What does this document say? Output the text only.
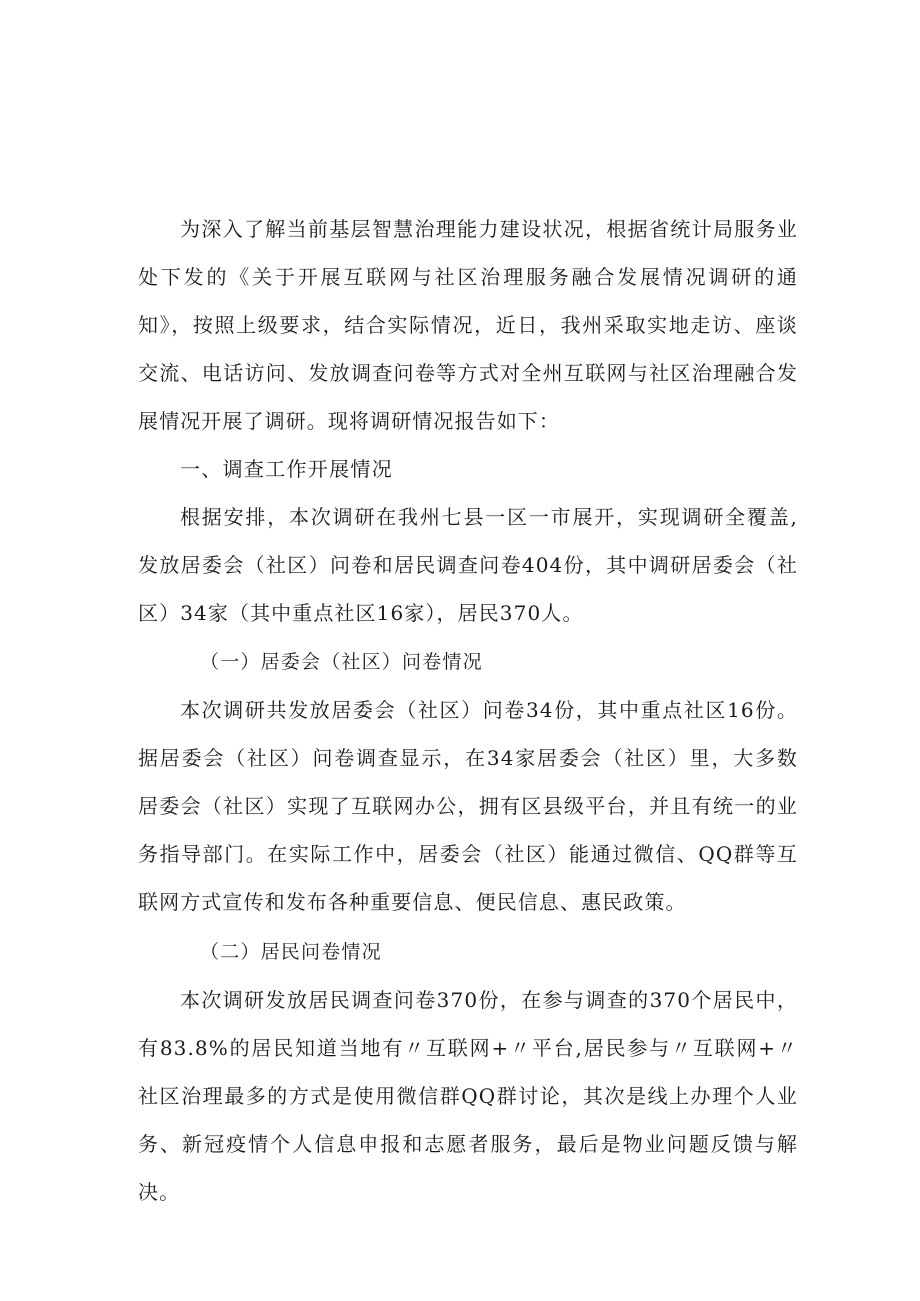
为深入了解当前基层智慧治理能力建设状况，根据省统计局服务业处下发的《关于开展互联网与社区治理服务融合发展情况调研的通知》，按照上级要求，结合实际情况，近日，我州采取实地走访、座谈交流、电话访问、发放调查问卷等方式对全州互联网与社区治理融合发展情况开展了调研。现将调研情况报告如下：

一、调查工作开展情况

根据安排，本次调研在我州七县一区一市展开，实现调研全覆盖,发放居委会（社区）问卷和居民调查问卷404份，其中调研居委会（社区）34家（其中重点社区16家），居民370人。

（一）居委会（社区）问卷情况

本次调研共发放居委会（社区）问卷34份，其中重点社区16份。据居委会（社区）问卷调查显示，在34家居委会（社区）里，大多数居委会（社区）实现了互联网办公，拥有区县级平台，并且有统一的业务指导部门。在实际工作中，居委会（社区）能通过微信、QQ群等互联网方式宣传和发布各种重要信息、便民信息、惠民政策。

（二）居民问卷情况

本次调研发放居民调查问卷370份，在参与调查的370个居民中，有83.8%的居民知道当地有〃互联网+〃平台,居民参与〃互联网+〃社区治理最多的方式是使用微信群QQ群讨论，其次是线上办理个人业务、新冠疫情个人信息申报和志愿者服务，最后是物业问题反馈与解决。
